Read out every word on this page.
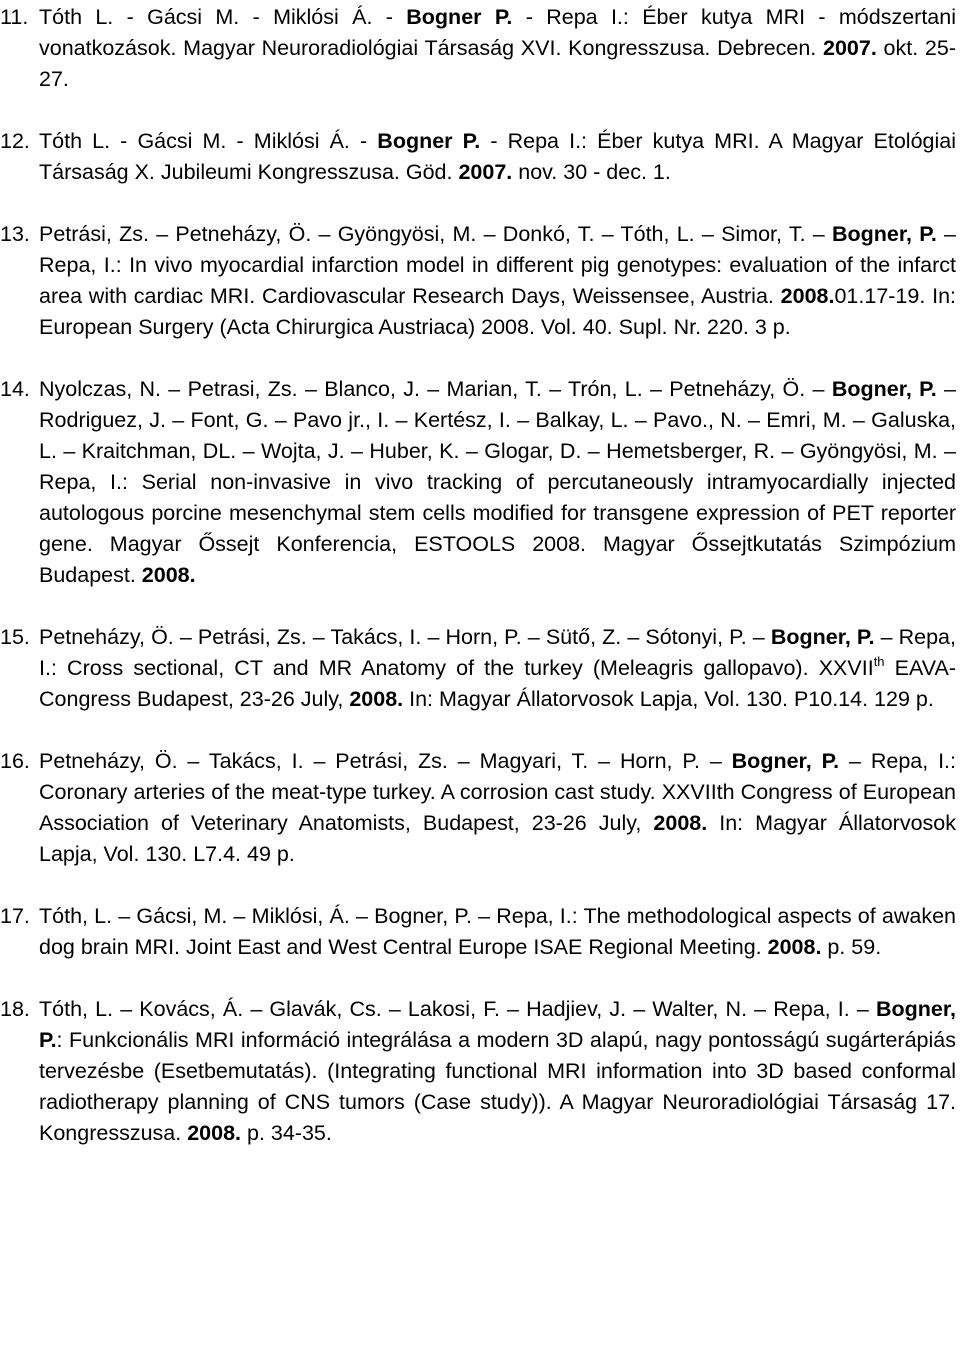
11. Tóth L. - Gácsi M. - Miklósi Á. - Bogner P. - Repa I.: Éber kutya MRI - módszertani vonatkozások. Magyar Neuroradiológiai Társaság XVI. Kongresszusa. Debrecen. 2007. okt. 25-27.
12. Tóth L. - Gácsi M. - Miklósi Á. - Bogner P. - Repa I.: Éber kutya MRI. A Magyar Etológiai Társaság X. Jubileumi Kongresszusa. Göd. 2007. nov. 30 - dec. 1.
13. Petrási, Zs. – Petneházy, Ö. – Gyöngyösi, M. – Donkó, T. – Tóth, L. – Simor, T. – Bogner, P. – Repa, I.: In vivo myocardial infarction model in different pig genotypes: evaluation of the infarct area with cardiac MRI. Cardiovascular Research Days, Weissensee, Austria. 2008.01.17-19. In: European Surgery (Acta Chirurgica Austriaca) 2008. Vol. 40. Supl. Nr. 220. 3 p.
14. Nyolczas, N. – Petrasi, Zs. – Blanco, J. – Marian, T. – Trón, L. – Petneházy, Ö. – Bogner, P. – Rodriguez, J. – Font, G. – Pavo jr., I. – Kertész, I. – Balkay, L. – Pavo., N. – Emri, M. – Galuska, L. – Kraitchman, DL. – Wojta, J. – Huber, K. – Glogar, D. – Hemetsberger, R. – Gyöngyösi, M. – Repa, I.: Serial non-invasive in vivo tracking of percutaneously intramyocardially injected autologous porcine mesenchymal stem cells modified for transgene expression of PET reporter gene. Magyar Őssejt Konferencia, ESTOOLS 2008. Magyar Őssejtkutatás Szimpózium Budapest. 2008.
15. Petneházy, Ö. – Petrási, Zs. – Takács, I. – Horn, P. – Sütő, Z. – Sótonyi, P. – Bogner, P. – Repa, I.: Cross sectional, CT and MR Anatomy of the turkey (Meleagris gallopavo). XXVIIth EAVA-Congress Budapest, 23-26 July, 2008. In: Magyar Állatorvosok Lapja, Vol. 130. P10.14. 129 p.
16. Petneházy, Ö. – Takács, I. – Petrási, Zs. – Magyari, T. – Horn, P. – Bogner, P. – Repa, I.: Coronary arteries of the meat-type turkey. A corrosion cast study. XXVIIth Congress of European Association of Veterinary Anatomists, Budapest, 23-26 July, 2008. In: Magyar Állatorvosok Lapja, Vol. 130. L7.4. 49 p.
17. Tóth, L. – Gácsi, M. – Miklósi, Á. – Bogner, P. – Repa, I.: The methodological aspects of awaken dog brain MRI. Joint East and West Central Europe ISAE Regional Meeting. 2008. p. 59.
18. Tóth, L. – Kovács, Á. – Glavák, Cs. – Lakosi, F. – Hadjiev, J. – Walter, N. – Repa, I. – Bogner, P.: Funkcionális MRI információ integrálása a modern 3D alapú, nagy pontosságú sugárterápiás tervezésbe (Esetbemutatás). (Integrating functional MRI information into 3D based conformal radiotherapy planning of CNS tumors (Case study)). A Magyar Neuroradiológiai Társaság 17. Kongresszusa. 2008. p. 34-35.
